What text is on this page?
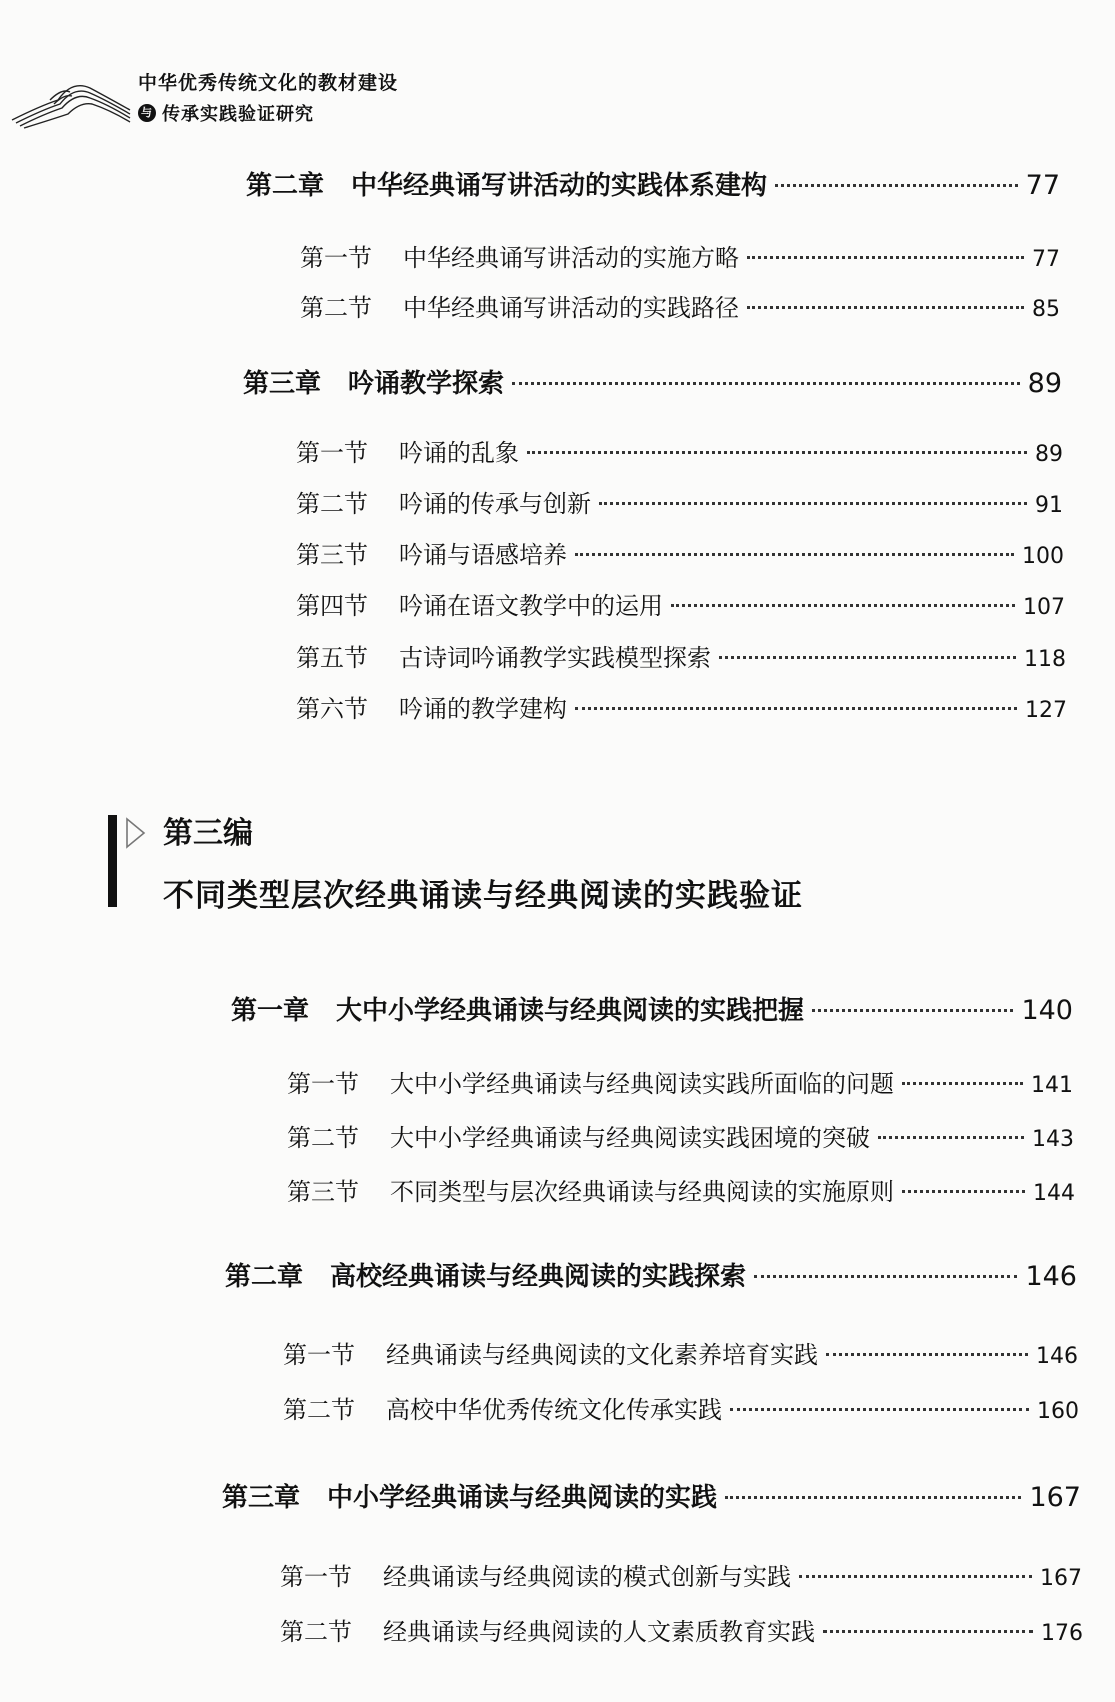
中华优秀传统文化的教材建设
与 传承实践验证研究
第二章	中华经典诵写讲活动的实践体系建构	77
第一节	中华经典诵写讲活动的实施方略	77
第二节	中华经典诵写讲活动的实践路径	85
第三章	吟诵教学探索	89
第一节	吟诵的乱象	89
第二节	吟诵的传承与创新	91
第三节	吟诵与语感培养	100
第四节	吟诵在语文教学中的运用	107
第五节	古诗词吟诵教学实践模型探索	118
第六节	吟诵的教学建构	127
第三编
不同类型层次经典诵读与经典阅读的实践验证
第一章	大中小学经典诵读与经典阅读的实践把握	140
第一节	大中小学经典诵读与经典阅读实践所面临的问题	141
第二节	大中小学经典诵读与经典阅读实践困境的突破	143
第三节	不同类型与层次经典诵读与经典阅读的实施原则	144
第二章	高校经典诵读与经典阅读的实践探索	146
第一节	经典诵读与经典阅读的文化素养培育实践	146
第二节	高校中华优秀传统文化传承实践	160
第三章	中小学经典诵读与经典阅读的实践	167
第一节	经典诵读与经典阅读的模式创新与实践	167
第二节	经典诵读与经典阅读的人文素质教育实践	176
